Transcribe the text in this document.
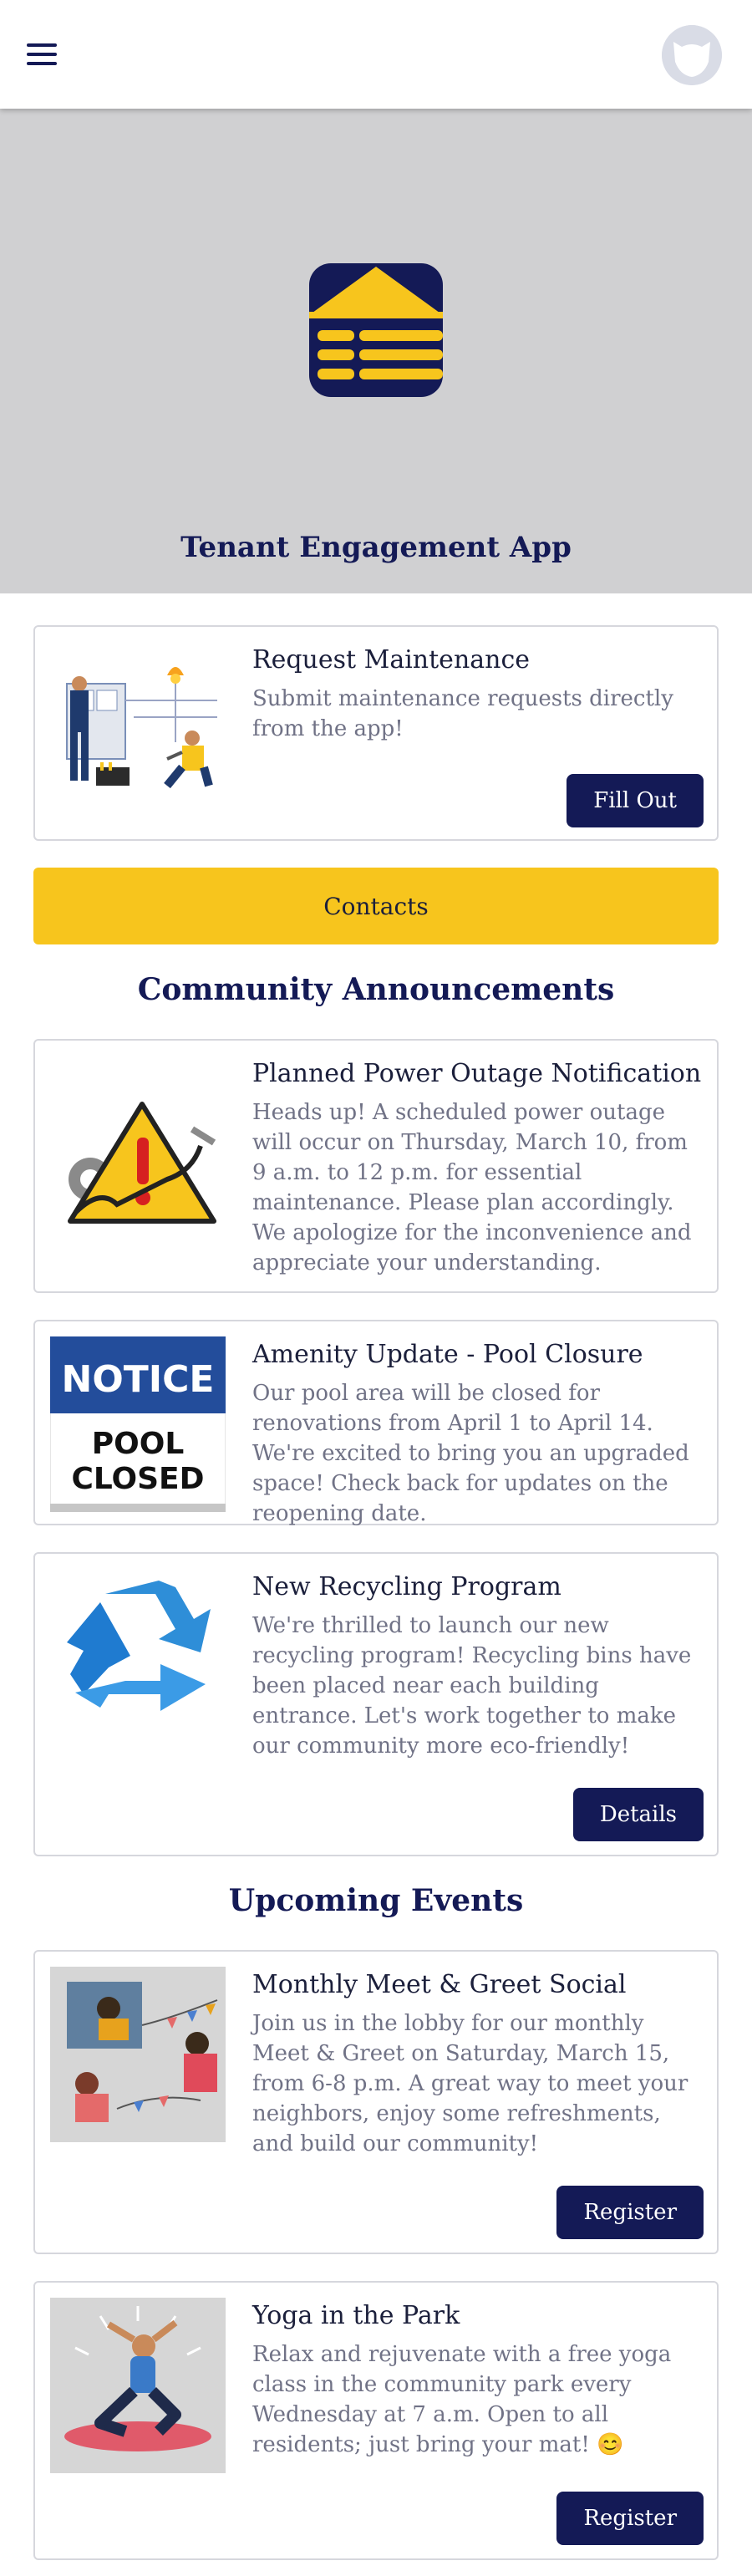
Tenant Engagement App
Request Maintenance
Submit maintenance requests directly from the app!
Fill Out
Contacts
Community Announcements
Planned Power Outage Notification
Heads up! A scheduled power outage will occur on Thursday, March 10, from 9 a.m. to 12 p.m. for essential maintenance. Please plan accordingly. We apologize for the inconvenience and appreciate your understanding.
NOTICE
POOL
CLOSED
Amenity Update - Pool Closure
Our pool area will be closed for renovations from April 1 to April 14. We're excited to bring you an upgraded space! Check back for updates on the reopening date.
New Recycling Program
We're thrilled to launch our new recycling program! Recycling bins have been placed near each building entrance. Let's work together to make our community more eco-friendly!
Details
Upcoming Events
Monthly Meet & Greet Social
Join us in the lobby for our monthly Meet & Greet on Saturday, March 15, from 6-8 p.m. A great way to meet your neighbors, enjoy some refreshments, and build our community!
Register
Yoga in the Park
Relax and rejuvenate with a free yoga class in the community park every Wednesday at 7 a.m. Open to all residents; just bring your mat! 😊
Register
